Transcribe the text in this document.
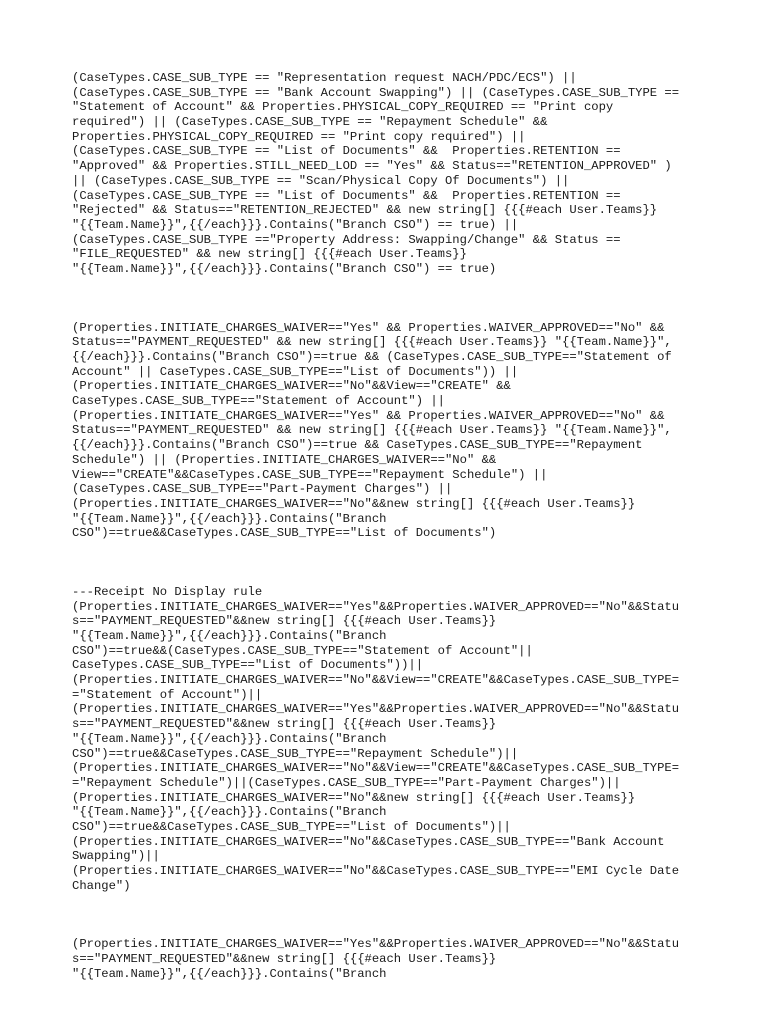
(CaseTypes.CASE_SUB_TYPE == "Representation request NACH/PDC/ECS") ||
(CaseTypes.CASE_SUB_TYPE == "Bank Account Swapping") || (CaseTypes.CASE_SUB_TYPE ==
"Statement of Account" && Properties.PHYSICAL_COPY_REQUIRED == "Print copy
required") || (CaseTypes.CASE_SUB_TYPE == "Repayment Schedule" &&
Properties.PHYSICAL_COPY_REQUIRED == "Print copy required") ||
(CaseTypes.CASE_SUB_TYPE == "List of Documents" &&  Properties.RETENTION ==
"Approved" && Properties.STILL_NEED_LOD == "Yes" && Status=="RETENTION_APPROVED" )
|| (CaseTypes.CASE_SUB_TYPE == "Scan/Physical Copy Of Documents") ||
(CaseTypes.CASE_SUB_TYPE == "List of Documents" &&  Properties.RETENTION ==
"Rejected" && Status=="RETENTION_REJECTED" && new string[] {{{#each User.Teams}}
"{{Team.Name}}",{{/each}}}.Contains("Branch CSO") == true) ||
(CaseTypes.CASE_SUB_TYPE =="Property Address: Swapping/Change" && Status ==
"FILE_REQUESTED" && new string[] {{{#each User.Teams}}
"{{Team.Name}}",{{/each}}}.Contains("Branch CSO") == true)
(Properties.INITIATE_CHARGES_WAIVER=="Yes" && Properties.WAIVER_APPROVED=="No" &&
Status=="PAYMENT_REQUESTED" && new string[] {{{#each User.Teams}} "{{Team.Name}}",
{{/each}}}.Contains("Branch CSO")==true && (CaseTypes.CASE_SUB_TYPE=="Statement of
Account" || CaseTypes.CASE_SUB_TYPE=="List of Documents")) ||
(Properties.INITIATE_CHARGES_WAIVER=="No"&&View=="CREATE" &&
CaseTypes.CASE_SUB_TYPE=="Statement of Account") ||
(Properties.INITIATE_CHARGES_WAIVER=="Yes" && Properties.WAIVER_APPROVED=="No" &&
Status=="PAYMENT_REQUESTED" && new string[] {{{#each User.Teams}} "{{Team.Name}}",
{{/each}}}.Contains("Branch CSO")==true && CaseTypes.CASE_SUB_TYPE=="Repayment
Schedule") || (Properties.INITIATE_CHARGES_WAIVER=="No" &&
View=="CREATE"&&CaseTypes.CASE_SUB_TYPE=="Repayment Schedule") ||
(CaseTypes.CASE_SUB_TYPE=="Part-Payment Charges") ||
(Properties.INITIATE_CHARGES_WAIVER=="No"&&new string[] {{{#each User.Teams}}
"{{Team.Name}}",{{/each}}}.Contains("Branch
CSO")==true&&CaseTypes.CASE_SUB_TYPE=="List of Documents")
---Receipt No Display rule
(Properties.INITIATE_CHARGES_WAIVER=="Yes"&&Properties.WAIVER_APPROVED=="No"&&Statu
s=="PAYMENT_REQUESTED"&&new string[] {{{#each User.Teams}}
"{{Team.Name}}",{{/each}}}.Contains("Branch
CSO")==true&&(CaseTypes.CASE_SUB_TYPE=="Statement of Account"||
CaseTypes.CASE_SUB_TYPE=="List of Documents"))||
(Properties.INITIATE_CHARGES_WAIVER=="No"&&View=="CREATE"&&CaseTypes.CASE_SUB_TYPE=
="Statement of Account")||
(Properties.INITIATE_CHARGES_WAIVER=="Yes"&&Properties.WAIVER_APPROVED=="No"&&Statu
s=="PAYMENT_REQUESTED"&&new string[] {{{#each User.Teams}}
"{{Team.Name}}",{{/each}}}.Contains("Branch
CSO")==true&&CaseTypes.CASE_SUB_TYPE=="Repayment Schedule")||
(Properties.INITIATE_CHARGES_WAIVER=="No"&&View=="CREATE"&&CaseTypes.CASE_SUB_TYPE=
="Repayment Schedule")||(CaseTypes.CASE_SUB_TYPE=="Part-Payment Charges")||
(Properties.INITIATE_CHARGES_WAIVER=="No"&&new string[] {{{#each User.Teams}}
"{{Team.Name}}",{{/each}}}.Contains("Branch
CSO")==true&&CaseTypes.CASE_SUB_TYPE=="List of Documents")||
(Properties.INITIATE_CHARGES_WAIVER=="No"&&CaseTypes.CASE_SUB_TYPE=="Bank Account
Swapping")||
(Properties.INITIATE_CHARGES_WAIVER=="No"&&CaseTypes.CASE_SUB_TYPE=="EMI Cycle Date
Change")
(Properties.INITIATE_CHARGES_WAIVER=="Yes"&&Properties.WAIVER_APPROVED=="No"&&Statu
s=="PAYMENT_REQUESTED"&&new string[] {{{#each User.Teams}}
"{{Team.Name}}",{{/each}}}.Contains("Branch
